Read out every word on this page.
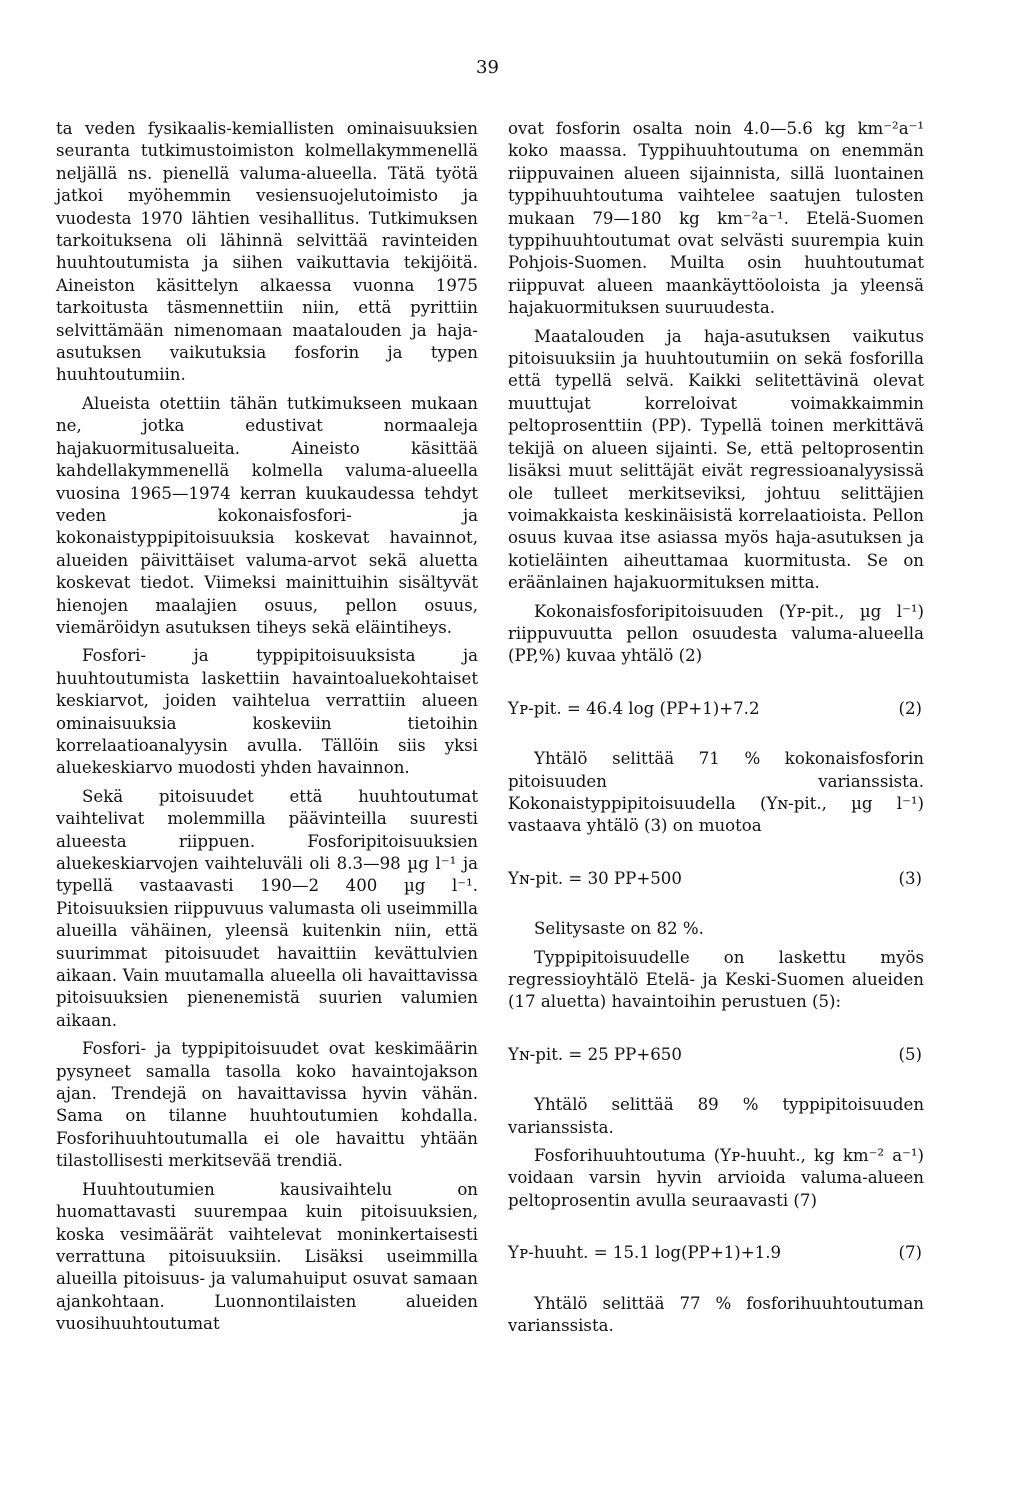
39

ta veden fysikaalis-kemiallisten ominaisuuksien seuranta tutkimustoimiston kolmellakymmenellä neljällä ns. pienellä valuma-alueella. Tätä työtä jatkoi myöhemmin vesiensuojelutoimisto ja vuodesta 1970 lähtien vesihallitus. Tutkimuksen tarkoituksena oli lähinnä selvittää ravinteiden huuhtoutumista ja siihen vaikuttavia tekijöitä. Aineiston käsittelyn alkaessa vuonna 1975 tarkoitusta täsmennettiin niin, että pyrittiin selvittämään nimenomaan maatalouden ja haja-asutuksen vaikutuksia fosforin ja typen huuhtoutumiin.

Alueista otettiin tähän tutkimukseen mukaan ne, jotka edustivat normaaleja hajakuormitusalueita. Aineisto käsittää kahdellakymmenellä kolmella valuma-alueella vuosina 1965—1974 kerran kuukaudessa tehdyt veden kokonaisfosfori- ja kokonaistyppipitoisuuksia koskevat havainnot, alueiden päivittäiset valuma-arvot sekä aluetta koskevat tiedot. Viimeksi mainittuihin sisältyvät hienojen maalajien osuus, pellon osuus, viemäröidyn asutuksen tiheys sekä eläintiheys.

Fosfori- ja typpipitoisuuksista ja huuhtoutumista laskettiin havaintoaluekohtaiset keskiarvot, joiden vaihtelua verrattiin alueen ominaisuuksia koskeviin tietoihin korrelaatioanalyysin avulla. Tällöin siis yksi aluekeskiarvo muodosti yhden havainnon.

Sekä pitoisuudet että huuhtoutumat vaihtelivat molemmilla päävinteilla suuresti alueesta riippuen. Fosforipitoisuuksien aluekeskiarvojen vaihteluväli oli 8.3—98 µg l⁻¹ ja typellä vastaavasti 190—2 400 µg l⁻¹. Pitoisuuksien riippuvuus valumasta oli useimmilla alueilla vähäinen, yleensä kuitenkin niin, että suurimmat pitoisuudet havaittiin kevättulvien aikaan. Vain muutamalla alueella oli havaittavissa pitoisuuksien pienenemistä suurien valumien aikaan.

Fosfori- ja typpipitoisuudet ovat keskimäärin pysyneet samalla tasolla koko havaintojakson ajan. Trendejä on havaittavissa hyvin vähän. Sama on tilanne huuhtoutumien kohdalla. Fosforihuuhtoutumalla ei ole havaittu yhtään tilastollisesti merkitsevää trendiä.

Huuhtoutumien kausivaihtelu on huomattavasti suurempaa kuin pitoisuuksien, koska vesimäärät vaihtelevat moninkertaisesti verrattuna pitoisuuksiin. Lisäksi useimmilla alueilla pitoisuus- ja valumahuiput osuvat samaan ajankohtaan. Luonnontilaisten alueiden vuosihuuhtoutumat

ovat fosforin osalta noin 4.0—5.6 kg km⁻²a⁻¹ koko maassa. Typpihuuhtoutuma on enemmän riippuvainen alueen sijainnista, sillä luontainen typpihuuhtoutuma vaihtelee saatujen tulosten mukaan 79—180 kg km⁻²a⁻¹. Etelä-Suomen typpihuuhtoutumat ovat selvästi suurempia kuin Pohjois-Suomen. Muilta osin huuhtoutumat riippuvat alueen maankäyttöoloista ja yleensä hajakuormituksen suuruudesta.

Maatalouden ja haja-asutuksen vaikutus pitoisuuksiin ja huuhtoutumiin on sekä fosforilla että typellä selvä. Kaikki selitettävinä olevat muuttujat korreloivat voimakkaimmin peltoprosenttiin (PP). Typellä toinen merkittävä tekijä on alueen sijainti. Se, että peltoprosentin lisäksi muut selittäjät eivät regressioanalyysissä ole tulleet merkitseviksi, johtuu selittäjien voimakkaista keskinäisistä korrelaatioista. Pellon osuus kuvaa itse asiassa myös haja-asutuksen ja kotieläinten aiheuttamaa kuormitusta. Se on eräänlainen hajakuormituksen mitta.

Kokonaisfosforipitoisuuden (Yᴘ-pit., µg l⁻¹) riippuvuutta pellon osuudesta valuma-alueella (PP,%) kuvaa yhtälö (2)

Yᴘ-pit. = 46.4 log (PP+1)+7.2	(2)

Yhtälö selittää 71 % kokonaisfosforin pitoisuuden varianssista. Kokonaistyppipitoisuudella (Yɴ-pit., µg l⁻¹) vastaava yhtälö (3) on muotoa

Yɴ-pit. = 30 PP+500	(3)

Selitysaste on 82 %.

Typpipitoisuudelle on laskettu myös regressioyhtälö Etelä- ja Keski-Suomen alueiden (17 aluetta) havaintoihin perustuen (5):

Yɴ-pit. = 25 PP+650	(5)

Yhtälö selittää 89 % typpipitoisuuden varianssista.

Fosforihuuhtoutuma (Yᴘ-huuht., kg km⁻² a⁻¹) voidaan varsin hyvin arvioida valuma-alueen peltoprosentin avulla seuraavasti (7)

Yᴘ-huuht. = 15.1 log(PP+1)+1.9	(7)

Yhtälö selittää 77 % fosforihuuhtoutuman varianssista.
